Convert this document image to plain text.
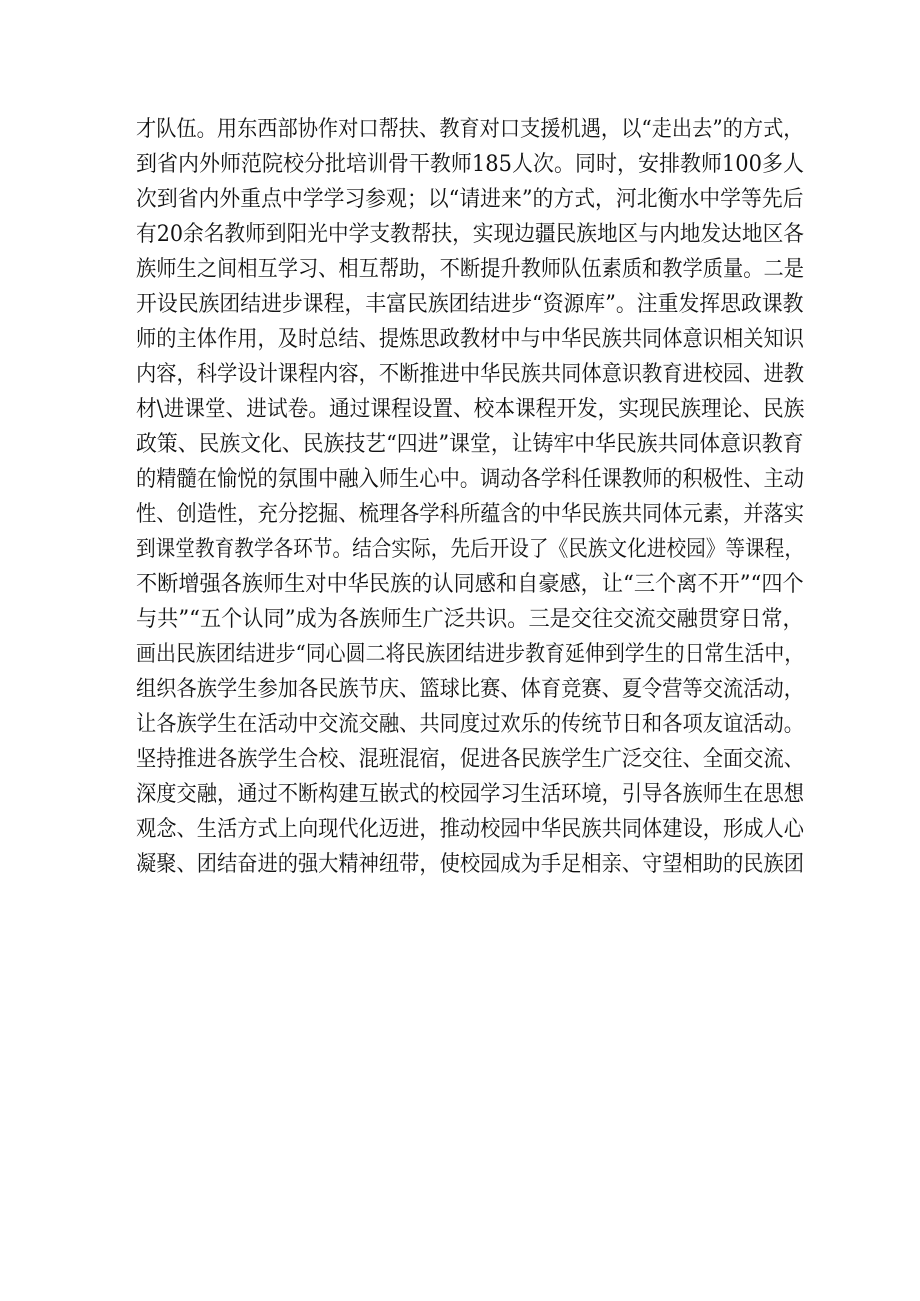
才队伍。用东西部协作对口帮扶、教育对口支援机遇，以“走出去”的方式，
到省内外师范院校分批培训骨干教师185人次。同时，安排教师100多人
次到省内外重点中学学习参观；以“请进来”的方式，河北衡水中学等先后
有20余名教师到阳光中学支教帮扶，实现边疆民族地区与内地发达地区各
族师生之间相互学习、相互帮助，不断提升教师队伍素质和教学质量。二是
开设民族团结进步课程，丰富民族团结进步“资源库”。注重发挥思政课教
师的主体作用，及时总结、提炼思政教材中与中华民族共同体意识相关知识
内容，科学设计课程内容，不断推进中华民族共同体意识教育进校园、进教
材\进课堂、进试卷。通过课程设置、校本课程开发，实现民族理论、民族
政策、民族文化、民族技艺“四进”课堂，让铸牢中华民族共同体意识教育
的精髓在愉悦的氛围中融入师生心中。调动各学科任课教师的积极性、主动
性、创造性，充分挖掘、梳理各学科所蕴含的中华民族共同体元素，并落实
到课堂教育教学各环节。结合实际，先后开设了《民族文化进校园》等课程，
不断增强各族师生对中华民族的认同感和自豪感，让“三个离不开”“四个
与共”“五个认同”成为各族师生广泛共识。三是交往交流交融贯穿日常，
画出民族团结进步“同心圆二将民族团结进步教育延伸到学生的日常生活中，
组织各族学生参加各民族节庆、篮球比赛、体育竞赛、夏令营等交流活动，
让各族学生在活动中交流交融、共同度过欢乐的传统节日和各项友谊活动。
坚持推进各族学生合校、混班混宿，促进各民族学生广泛交往、全面交流、
深度交融，通过不断构建互嵌式的校园学习生活环境，引导各族师生在思想
观念、生活方式上向现代化迈进，推动校园中华民族共同体建设，形成人心
凝聚、团结奋进的强大精神纽带，使校园成为手足相亲、守望相助的民族团
